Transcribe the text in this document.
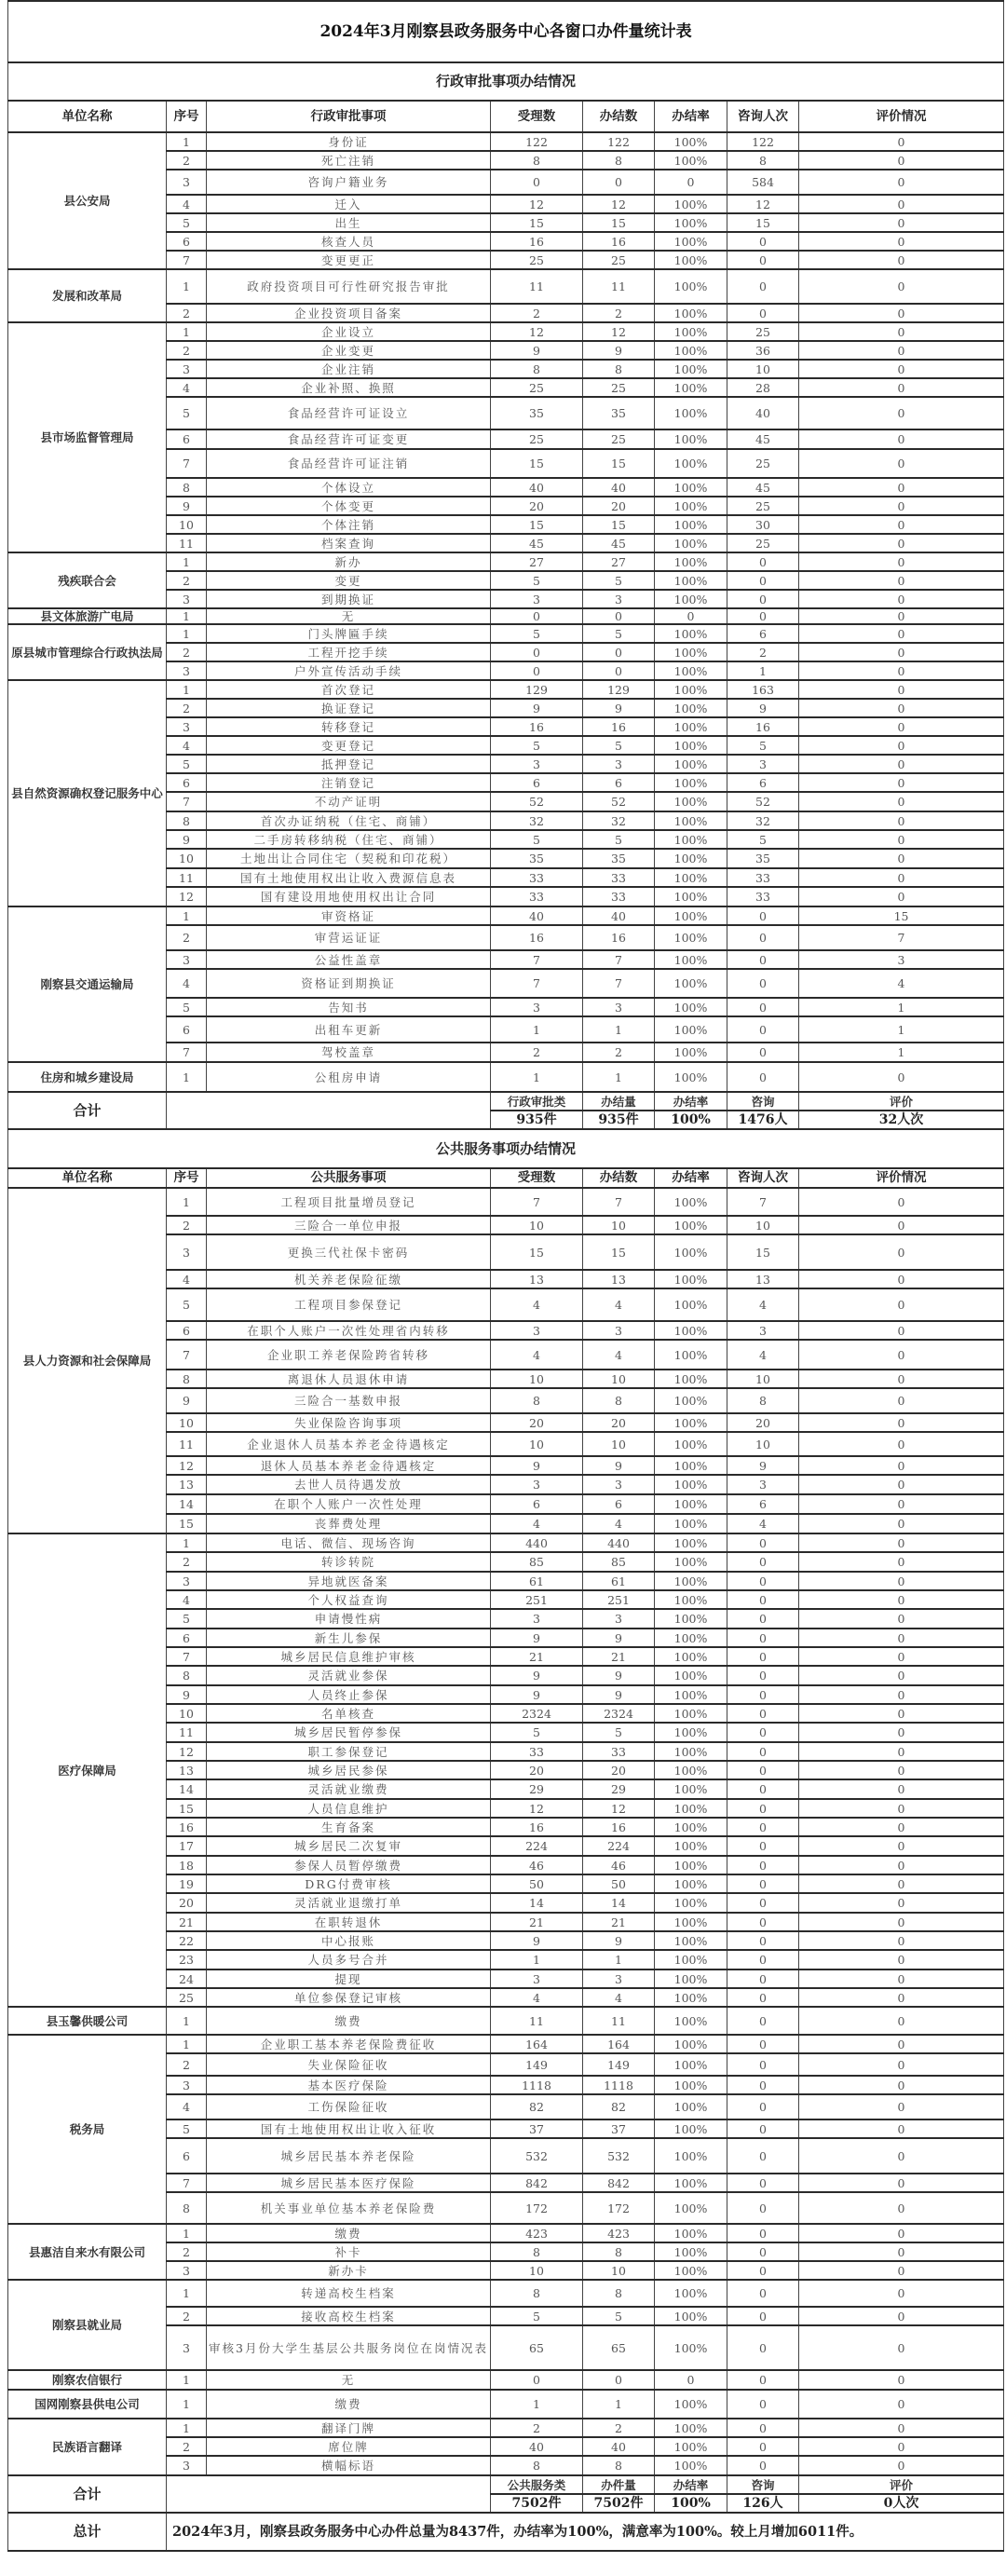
2024年3月刚察县政务服务中心各窗口办件量统计表							
行政审批事项办结情况							
单位名称	序号	行政审批事项	受理数	办结数	办结率	咨询人次	评价情况
县公安局	1	身份证	122	122	100%	122	0
	2	死亡注销	8	8	100%	8	0
	3	咨询户籍业务	0	0	0	584	0
	4	迁入	12	12	100%	12	0
	5	出生	15	15	100%	15	0
	6	核查人员	16	16	100%	0	0
	7	变更更正	25	25	100%	0	0
发展和改革局	1	政府投资项目可行性研究报告审批	11	11	100%	0	0
	2	企业投资项目备案	2	2	100%	0	0
县市场监督管理局	1	企业设立	12	12	100%	25	0
	2	企业变更	9	9	100%	36	0
	3	企业注销	8	8	100%	10	0
	4	企业补照、换照	25	25	100%	28	0
	5	食品经营许可证设立	35	35	100%	40	0
	6	食品经营许可证变更	25	25	100%	45	0
	7	食品经营许可证注销	15	15	100%	25	0
	8	个体设立	40	40	100%	45	0
	9	个体变更	20	20	100%	25	0
	10	个体注销	15	15	100%	30	0
	11	档案查询	45	45	100%	25	0
残疾联合会	1	新办	27	27	100%	0	0
	2	变更	5	5	100%	0	0
	3	到期换证	3	3	100%	0	0
县文体旅游广电局	1	无	0	0	0	0	0
原县城市管理综合行政执法局	1	门头牌匾手续	5	5	100%	6	0
	2	工程开挖手续	0	0	100%	2	0
	3	户外宣传活动手续	0	0	100%	1	0
县自然资源确权登记服务中心	1	首次登记	129	129	100%	163	0
	2	换证登记	9	9	100%	9	0
	3	转移登记	16	16	100%	16	0
	4	变更登记	5	5	100%	5	0
	5	抵押登记	3	3	100%	3	0
	6	注销登记	6	6	100%	6	0
	7	不动产证明	52	52	100%	52	0
	8	首次办证纳税（住宅、商铺）	32	32	100%	32	0
	9	二手房转移纳税（住宅、商铺）	5	5	100%	5	0
	10	土地出让合同住宅（契税和印花税）	35	35	100%	35	0
	11	国有土地使用权出让收入费源信息表	33	33	100%	33	0
	12	国有建设用地使用权出让合同	33	33	100%	33	0
刚察县交通运输局	1	审资格证	40	40	100%	0	15
	2	审营运证证	16	16	100%	0	7
	3	公益性盖章	7	7	100%	0	3
	4	资格证到期换证	7	7	100%	0	4
	5	告知书	3	3	100%	0	1
	6	出租车更新	1	1	100%	0	1
	7	驾校盖章	2	2	100%	0	1
住房和城乡建设局	1	公租房申请	1	1	100%	0	0
合计			行政审批类	办结量	办结率	咨询	评价
			935件	935件	100%	1476人	32人次
公共服务事项办结情况							
单位名称	序号	公共服务事项	受理数	办结数	办结率	咨询人次	评价情况
县人力资源和社会保障局	1	工程项目批量增员登记	7	7	100%	7	0
	2	三险合一单位申报	10	10	100%	10	0
	3	更换三代社保卡密码	15	15	100%	15	0
	4	机关养老保险征缴	13	13	100%	13	0
	5	工程项目参保登记	4	4	100%	4	0
	6	在职个人账户一次性处理省内转移	3	3	100%	3	0
	7	企业职工养老保险跨省转移	4	4	100%	4	0
	8	离退休人员退休申请	10	10	100%	10	0
	9	三险合一基数申报	8	8	100%	8	0
	10	失业保险咨询事项	20	20	100%	20	0
	11	企业退休人员基本养老金待遇核定	10	10	100%	10	0
	12	退休人员基本养老金待遇核定	9	9	100%	9	0
	13	去世人员待遇发放	3	3	100%	3	0
	14	在职个人账户一次性处理	6	6	100%	6	0
	15	丧葬费处理	4	4	100%	4	0
医疗保障局	1	电话、微信、现场咨询	440	440	100%	0	0
	2	转诊转院	85	85	100%	0	0
	3	异地就医备案	61	61	100%	0	0
	4	个人权益查询	251	251	100%	0	0
	5	申请慢性病	3	3	100%	0	0
	6	新生儿参保	9	9	100%	0	0
	7	城乡居民信息维护审核	21	21	100%	0	0
	8	灵活就业参保	9	9	100%	0	0
	9	人员终止参保	9	9	100%	0	0
	10	名单核查	2324	2324	100%	0	0
	11	城乡居民暂停参保	5	5	100%	0	0
	12	职工参保登记	33	33	100%	0	0
	13	城乡居民参保	20	20	100%	0	0
	14	灵活就业缴费	29	29	100%	0	0
	15	人员信息维护	12	12	100%	0	0
	16	生育备案	16	16	100%	0	0
	17	城乡居民二次复审	224	224	100%	0	0
	18	参保人员暂停缴费	46	46	100%	0	0
	19	DRG付费审核	50	50	100%	0	0
	20	灵活就业退缴打单	14	14	100%	0	0
	21	在职转退休	21	21	100%	0	0
	22	中心报账	9	9	100%	0	0
	23	人员多号合并	1	1	100%	0	0
	24	提现	3	3	100%	0	0
	25	单位参保登记审核	4	4	100%	0	0
县玉馨供暖公司	1	缴费	11	11	100%	0	0
税务局	1	企业职工基本养老保险费征收	164	164	100%	0	0
	2	失业保险征收	149	149	100%	0	0
	3	基本医疗保险	1118	1118	100%	0	0
	4	工伤保险征收	82	82	100%	0	0
	5	国有土地使用权出让收入征收	37	37	100%	0	0
	6	城乡居民基本养老保险	532	532	100%	0	0
	7	城乡居民基本医疗保险	842	842	100%	0	0
	8	机关事业单位基本养老保险费	172	172	100%	0	0
县惠洁自来水有限公司	1	缴费	423	423	100%	0	0
	2	补卡	8	8	100%	0	0
	3	新办卡	10	10	100%	0	0
刚察县就业局	1	转递高校生档案	8	8	100%	0	0
	2	接收高校生档案	5	5	100%	0	0
	3	审核3月份大学生基层公共服务岗位在岗情况表	65	65	100%	0	0
刚察农信银行	1	无	0	0	0	0	0
国网刚察县供电公司	1	缴费	1	1	100%	0	0
民族语言翻译	1	翻译门牌	2	2	100%	0	0
	2	席位牌	40	40	100%	0	0
	3	横幅标语	8	8	100%	0	0
合计			公共服务类	办件量	办结率	咨询	评价
			7502件	7502件	100%	126人	0人次
总计	2024年3月，刚察县政务服务中心办件总量为8437件，办结率为100%，满意率为100%。较上月增加6011件。						
